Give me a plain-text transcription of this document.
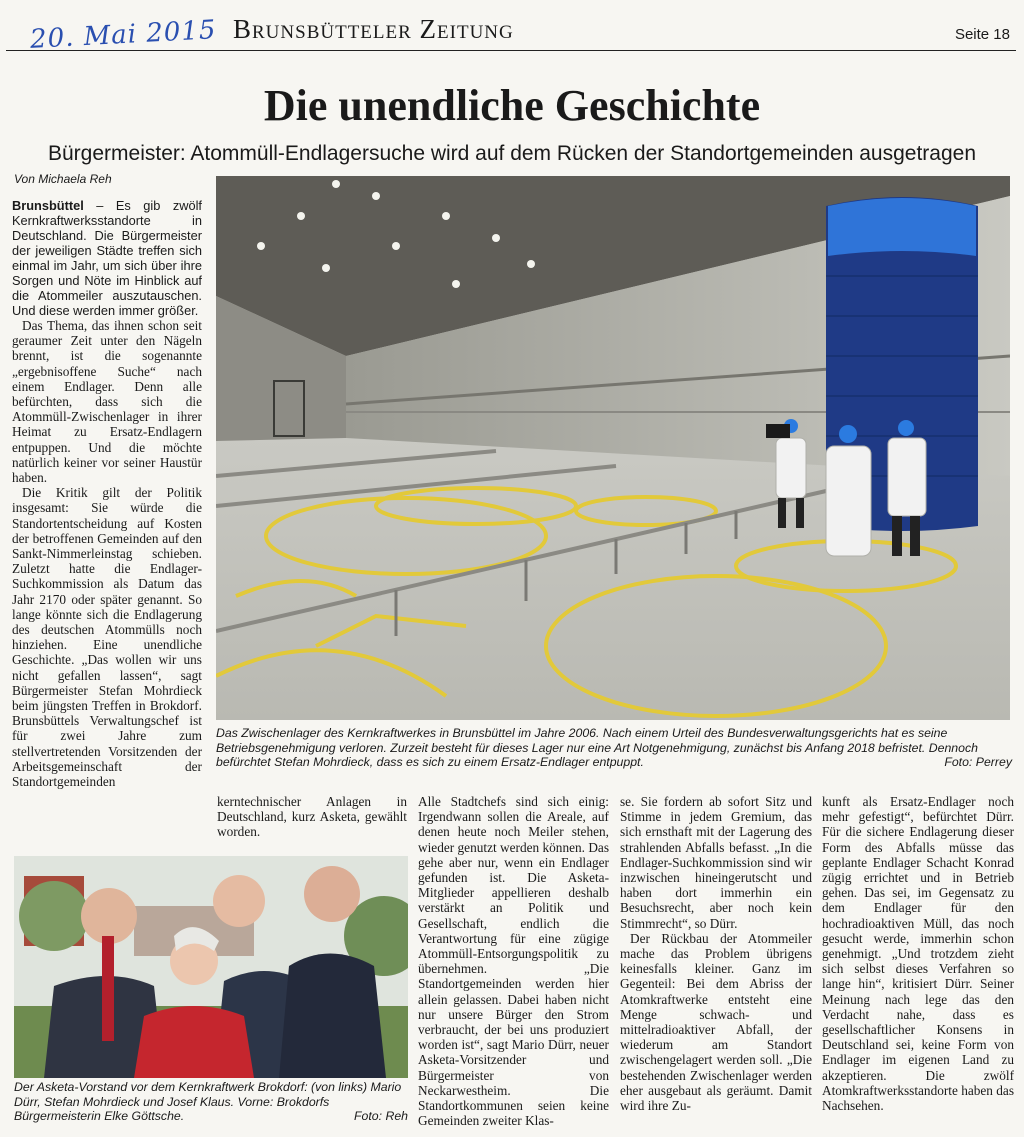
20. Mai 2015 Brunsbütteler Zeitung	Seite 18
Die unendliche Geschichte
Bürgermeister: Atommüll-Endlagersuche wird auf dem Rücken der Standortgemeinden ausgetragen
Von Michaela Reh

Brunsbüttel – Es gib zwölf Kernkraftwerksstandorte in Deutschland. Die Bürgermeister der jeweiligen Städte treffen sich einmal im Jahr, um sich über ihre Sorgen und Nöte im Hinblick auf die Atommeiler auszutauschen. Und diese werden immer größer.

Das Thema, das ihnen schon seit geraumer Zeit unter den Nägeln brennt, ist die sogenannte „ergebnisoffene Suche“ nach einem Endlager. Denn alle befürchten, dass sich die Atommüll-Zwischenlager in ihrer Heimat zu Ersatz-Endlagern entpuppen. Und die möchte natürlich keiner vor seiner Haustür haben.

Die Kritik gilt der Politik insgesamt: Sie würde die Standortentscheidung auf Kosten der betroffenen Gemeinden auf den Sankt-Nimmerleinstag schieben. Zuletzt hatte die Endlager-Suchkommission als Datum das Jahr 2170 oder später genannt. So lange könnte sich die Endlagerung des deutschen Atommülls noch hinziehen. Eine unendliche Geschichte. „Das wollen wir uns nicht gefallen lassen“, sagt Bürgermeister Stefan Mohrdieck beim jüngsten Treffen in Brokdorf. Brunsbüttels Verwaltungschef ist für zwei Jahre zum stellvertretenden Vorsitzenden der Arbeitsgemeinschaft der Standortgemeinden

Das Zwischenlager des Kernkraftwerkes in Brunsbüttel im Jahre 2006. Nach einem Urteil des Bundesverwaltungsgerichts hat es seine Betriebsgenehmigung verloren. Zurzeit besteht für dieses Lager nur eine Art Notgenehmigung, zunächst bis Anfang 2018 befristet. Dennoch befürchtet Stefan Mohrdieck, dass es sich zu einem Ersatz-Endlager entpuppt.	Foto: Perrey

kerntechnischer Anlagen in Deutschland, kurz Asketa, gewählt worden.

Alle Stadtchefs sind sich einig: Irgendwann sollen die Areale, auf denen heute noch Meiler stehen, wieder genutzt werden können. Das gehe aber nur, wenn ein Endlager gefunden ist. Die Asketa-Mitglieder appellieren deshalb verstärkt an Politik und Gesellschaft, endlich die Verantwortung für eine zügige Atommüll-Entsorgungspolitik zu übernehmen. „Die Standortgemeinden werden hier allein gelassen. Dabei haben nicht nur unsere Bürger den Strom verbraucht, der bei uns produziert worden ist“, sagt Mario Dürr, neuer Asketa-Vorsitzender und Bürgermeister von Neckarwestheim. Die Standortkommunen seien keine Gemeinden zweiter Klas-

se. Sie fordern ab sofort Sitz und Stimme in jedem Gremium, das sich ernsthaft mit der Lagerung des strahlenden Abfalls befasst. „In die Endlager-Suchkommission sind wir inzwischen hineingerutscht und haben dort immerhin ein Besuchsrecht, aber noch kein Stimmrecht“, so Dürr.

Der Rückbau der Atommeiler mache das Problem übrigens keinesfalls kleiner. Ganz im Gegenteil: Bei dem Abriss der Atomkraftwerke entsteht eine Menge schwach- und mittelradioaktiver Abfall, der wiederum am Standort zwischengelagert werden soll. „Die bestehenden Zwischenlager werden eher ausgebaut als geräumt. Damit wird ihre Zu-

kunft als Ersatz-Endlager noch mehr gefestigt“, befürchtet Dürr. Für die sichere Endlagerung dieser Form des Abfalls müsse das geplante Endlager Schacht Konrad zügig errichtet und in Betrieb gehen. Das sei, im Gegensatz zu dem Endlager für den hochradioaktiven Müll, das noch gesucht werde, immerhin schon genehmigt. „Und trotzdem zieht sich selbst dieses Verfahren so lange hin“, kritisiert Dürr. Seiner Meinung nach lege das den Verdacht nahe, dass es gesellschaftlicher Konsens in Deutschland sei, keine Form von Endlager im eigenen Land zu akzeptieren. Die zwölf Atomkraftwerksstandorte haben das Nachsehen.

Der Asketa-Vorstand vor dem Kernkraftwerk Brokdorf: (von links) Mario Dürr, Stefan Mohrdieck und Josef Klaus. Vorne: Brokdorfs Bürgermeisterin Elke Göttsche.	Foto: Reh
